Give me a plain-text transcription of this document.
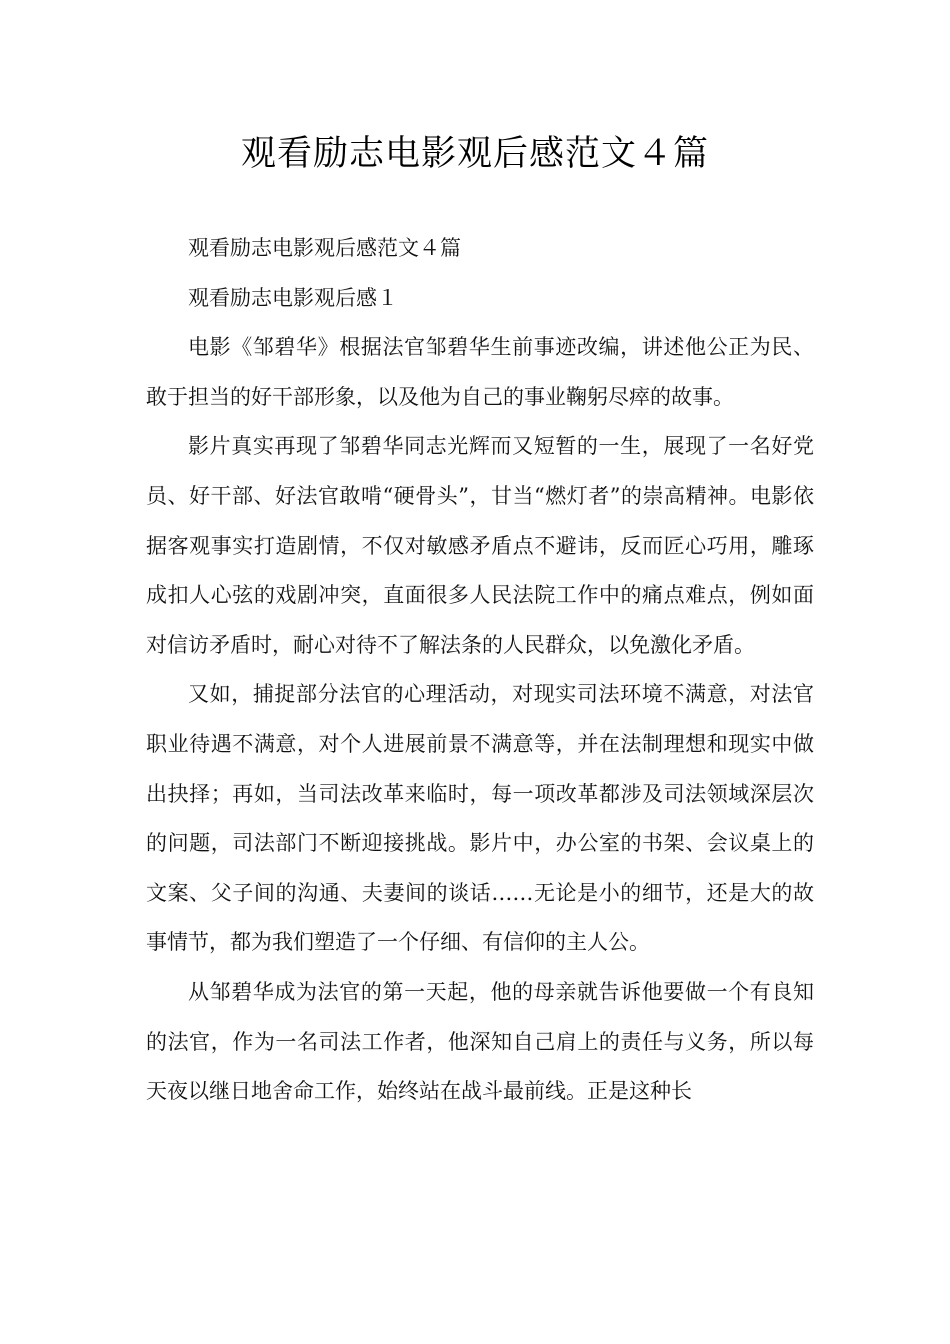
观看励志电影观后感范文４篇

观看励志电影观后感范文４篇

观看励志电影观后感１

电影《邹碧华》根据法官邹碧华生前事迹改编，讲述他公正为民、敢于担当的好干部形象，以及他为自己的事业鞠躬尽瘁的故事。

影片真实再现了邹碧华同志光辉而又短暂的一生，展现了一名好党员、好干部、好法官敢啃“硬骨头”，甘当“燃灯者”的崇高精神。电影依据客观事实打造剧情，不仅对敏感矛盾点不避讳，反而匠心巧用，雕琢成扣人心弦的戏剧冲突，直面很多人民法院工作中的痛点难点，例如面对信访矛盾时，耐心对待不了解法条的人民群众，以免激化矛盾。

又如，捕捉部分法官的心理活动，对现实司法环境不满意，对法官职业待遇不满意，对个人进展前景不满意等，并在法制理想和现实中做出抉择；再如，当司法改革来临时，每一项改革都涉及司法领域深层次的问题，司法部门不断迎接挑战。影片中，办公室的书架、会议桌上的文案、父子间的沟通、夫妻间的谈话……无论是小的细节，还是大的故事情节，都为我们塑造了一个仔细、有信仰的主人公。

从邹碧华成为法官的第一天起，他的母亲就告诉他要做一个有良知的法官，作为一名司法工作者，他深知自己肩上的责任与义务，所以每天夜以继日地舍命工作，始终站在战斗最前线。正是这种长
